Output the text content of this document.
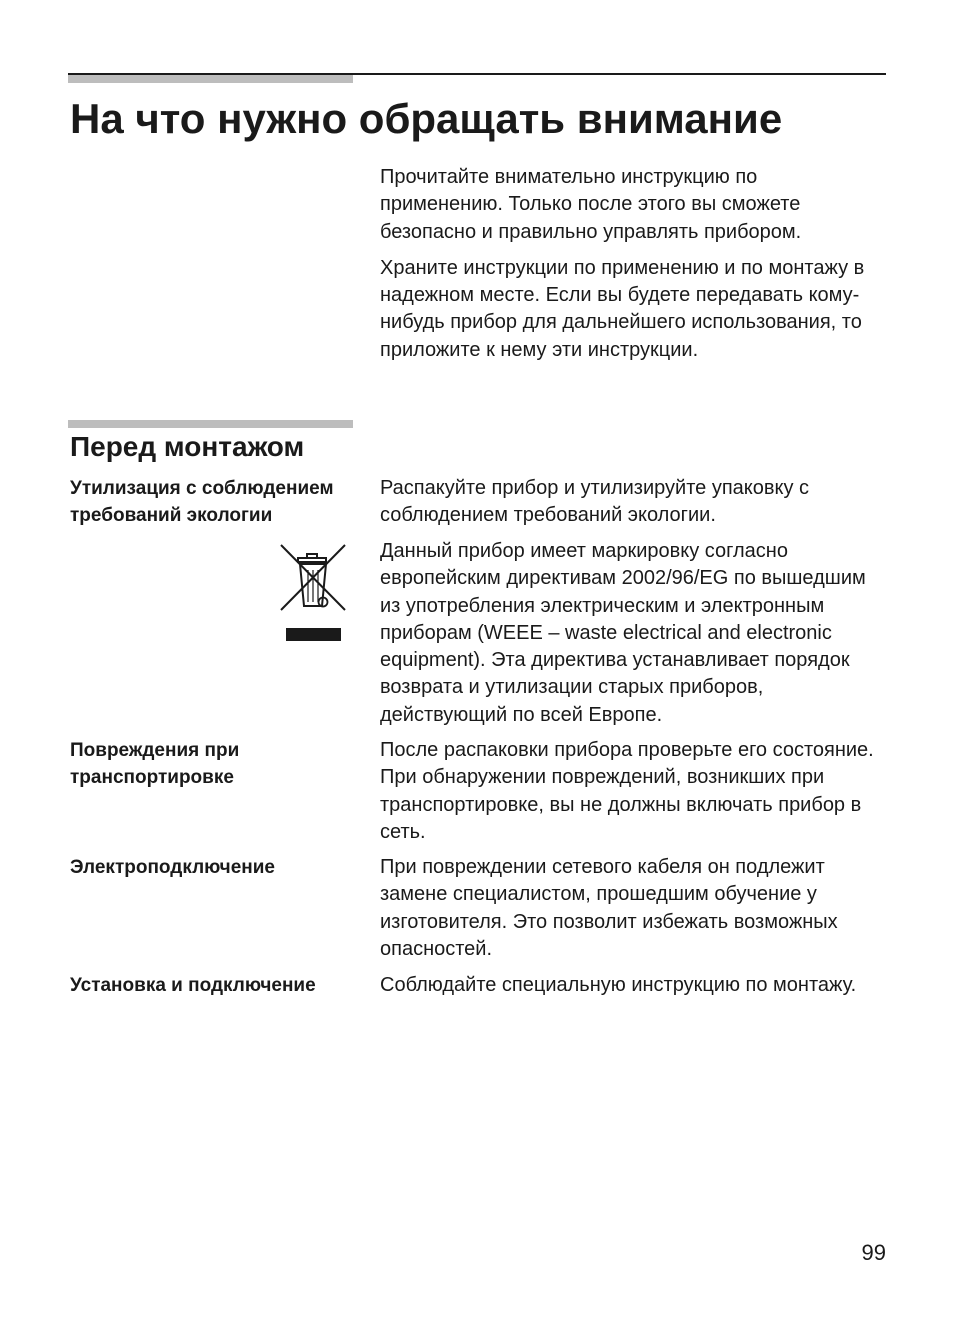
На что нужно обращать внимание

Прочитайте внимательно инструкцию по применению. Только после этого вы сможете безопасно и правильно управлять прибором.

Храните инструкции по применению и по монтажу в надежном месте. Если вы будете передавать кому-нибудь прибор для дальнейшего использования, то приложите к нему эти инструкции.

Перед монтажом

Утилизация с соблюдением требований экологии

Распакуйте прибор и утилизируйте упаковку с соблюдением требований экологии.

Данный прибор имеет маркировку согласно европейским директивам 2002/96/EG по вышедшим из употребления электрическим и электронным приборам (WEEE – waste electrical and electronic equipment). Эта директива устанавливает порядок возврата и утилизации старых приборов, действующий по всей Европе.

Повреждения при транспортировке

После распаковки прибора проверьте его состояние. При обнаружении повреждений, возникших при транспортировке, вы не должны включать прибор в сеть.

Электроподключение	При повреждении сетевого кабеля он подлежит замене специалистом, прошедшим обучение у изготовителя. Это позволит избежать возможных опасностей.

Установка и подключение	Соблюдайте специальную инструкцию по монтажу.

99
